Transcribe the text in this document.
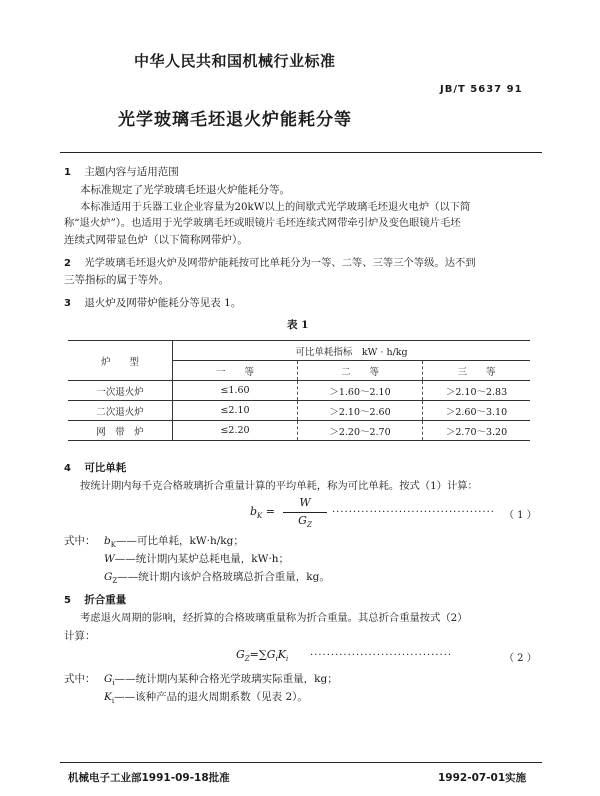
中华人民共和国机械行业标准
JB/T 5637 91
光学玻璃毛坯退火炉能耗分等
1 主题内容与适用范围
本标准规定了光学玻璃毛坯退火炉能耗分等。
本标准适用于兵器工业企业容量为20kW以上的间歇式光学玻璃毛坯退火电炉（以下简
称“退火炉”）。也适用于光学玻璃毛坯或眼镜片毛坯连续式网带牵引炉及变色眼镜片毛坯
连续式网带显色炉（以下简称网带炉）。
2 光学玻璃毛坯退火炉及网带炉能耗按可比单耗分为一等、二等、三等三个等级。达不到
三等指标的属于等外。
3 退火炉及网带炉能耗分等见表 1。
表 1
炉　　型	可比单耗指标　kW · h/kg		
	一　　等	二　　等	三　　等
一次退火炉	≤1.60	＞1.60～2.10	＞2.10～2.83
二次退火炉	≤2.10	＞2.10～2.60	＞2.60～3.10
网　带　炉	≤2.20	＞2.20～2.70	＞2.70～3.20
4 可比单耗
按统计期内每千克合格玻璃折合重量计算的平均单耗，称为可比单耗。按式（1）计算：
$b_K$ =
W
$G_Z$
······································· （ 1 ）
式中： $b_K——$可比单耗，kW·h/kg；
W——统计期内某炉总耗电量，kW·h；
$G_Z——$统计期内该炉合格玻璃总折合重量，kg。
5 折合重量
考虑退火周期的影响，经折算的合格玻璃重量称为折合重量。其总折合重量按式（2）
计算：
$G_Z=\sum G_iK_i$ ··································	（ 2 ）
式中： $G_i——$统计期内某种合格光学玻璃实际重量，kg；
$K_i——$该种产品的退火周期系数（见表 2）。
机械电子工业部1991-09-18批准	1992-07-01实施
